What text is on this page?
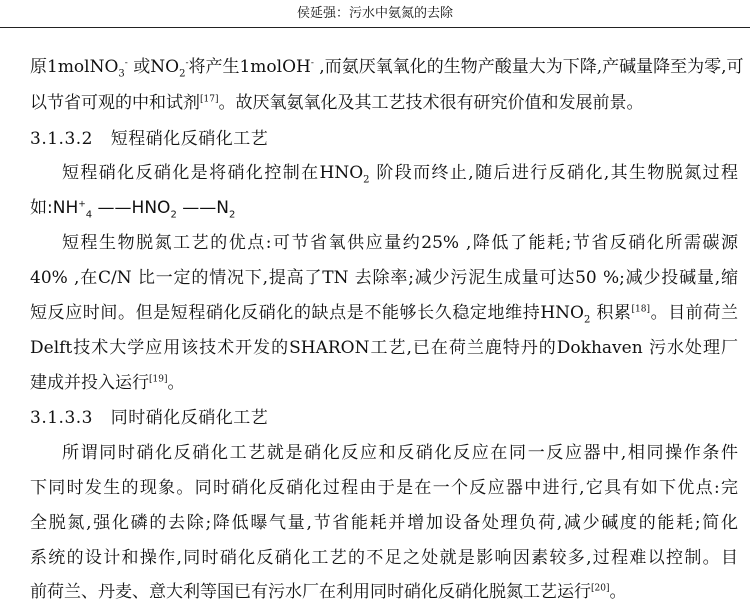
侯延强：污水中氨氮的去除
原1molNO$_3$- 或$NO_2^-$将产生1molOH- ,而氨厌氧氧化的生物产酸量大为下降,产碱量降至为零,可
以节省可观的中和试剂[17]。故厌氧氨氧化及其工艺技术很有研究价值和发展前景。
3.1.3.2 短程硝化反硝化工艺
短程硝化反硝化是将硝化控制在$HNO_2$ 阶段而终止,随后进行反硝化,其生物脱氮过程
如$:NH^+_4$ $——HNO_2$ $——N_2$
短程生物脱氮工艺的优点:可节省氧供应量约25% ,降低了能耗;节省反硝化所需碳源
40% ,在C/N 比一定的情况下,提高了TN 去除率;减少污泥生成量可达50 %;减少投碱量,缩
短反应时间。但是短程硝化反硝化的缺点是不能够长久稳定地维持$HNO_2$ 积累[18]。目前荷兰
Delft技术大学应用该技术开发的SHARON工艺,已在荷兰鹿特丹的Dokhaven 污水处理厂
建成并投入运行[19]。
3.1.3.3 同时硝化反硝化工艺
所谓同时硝化反硝化工艺就是硝化反应和反硝化反应在同一反应器中,相同操作条件
下同时发生的现象。同时硝化反硝化过程由于是在一个反应器中进行,它具有如下优点:完
全脱氮,强化磷的去除;降低曝气量,节省能耗并增加设备处理负荷,减少碱度的能耗;简化
系统的设计和操作,同时硝化反硝化工艺的不足之处就是影响因素较多,过程难以控制。目
前荷兰、丹麦、意大利等国已有污水厂在利用同时硝化反硝化脱氮工艺运行[20]。
